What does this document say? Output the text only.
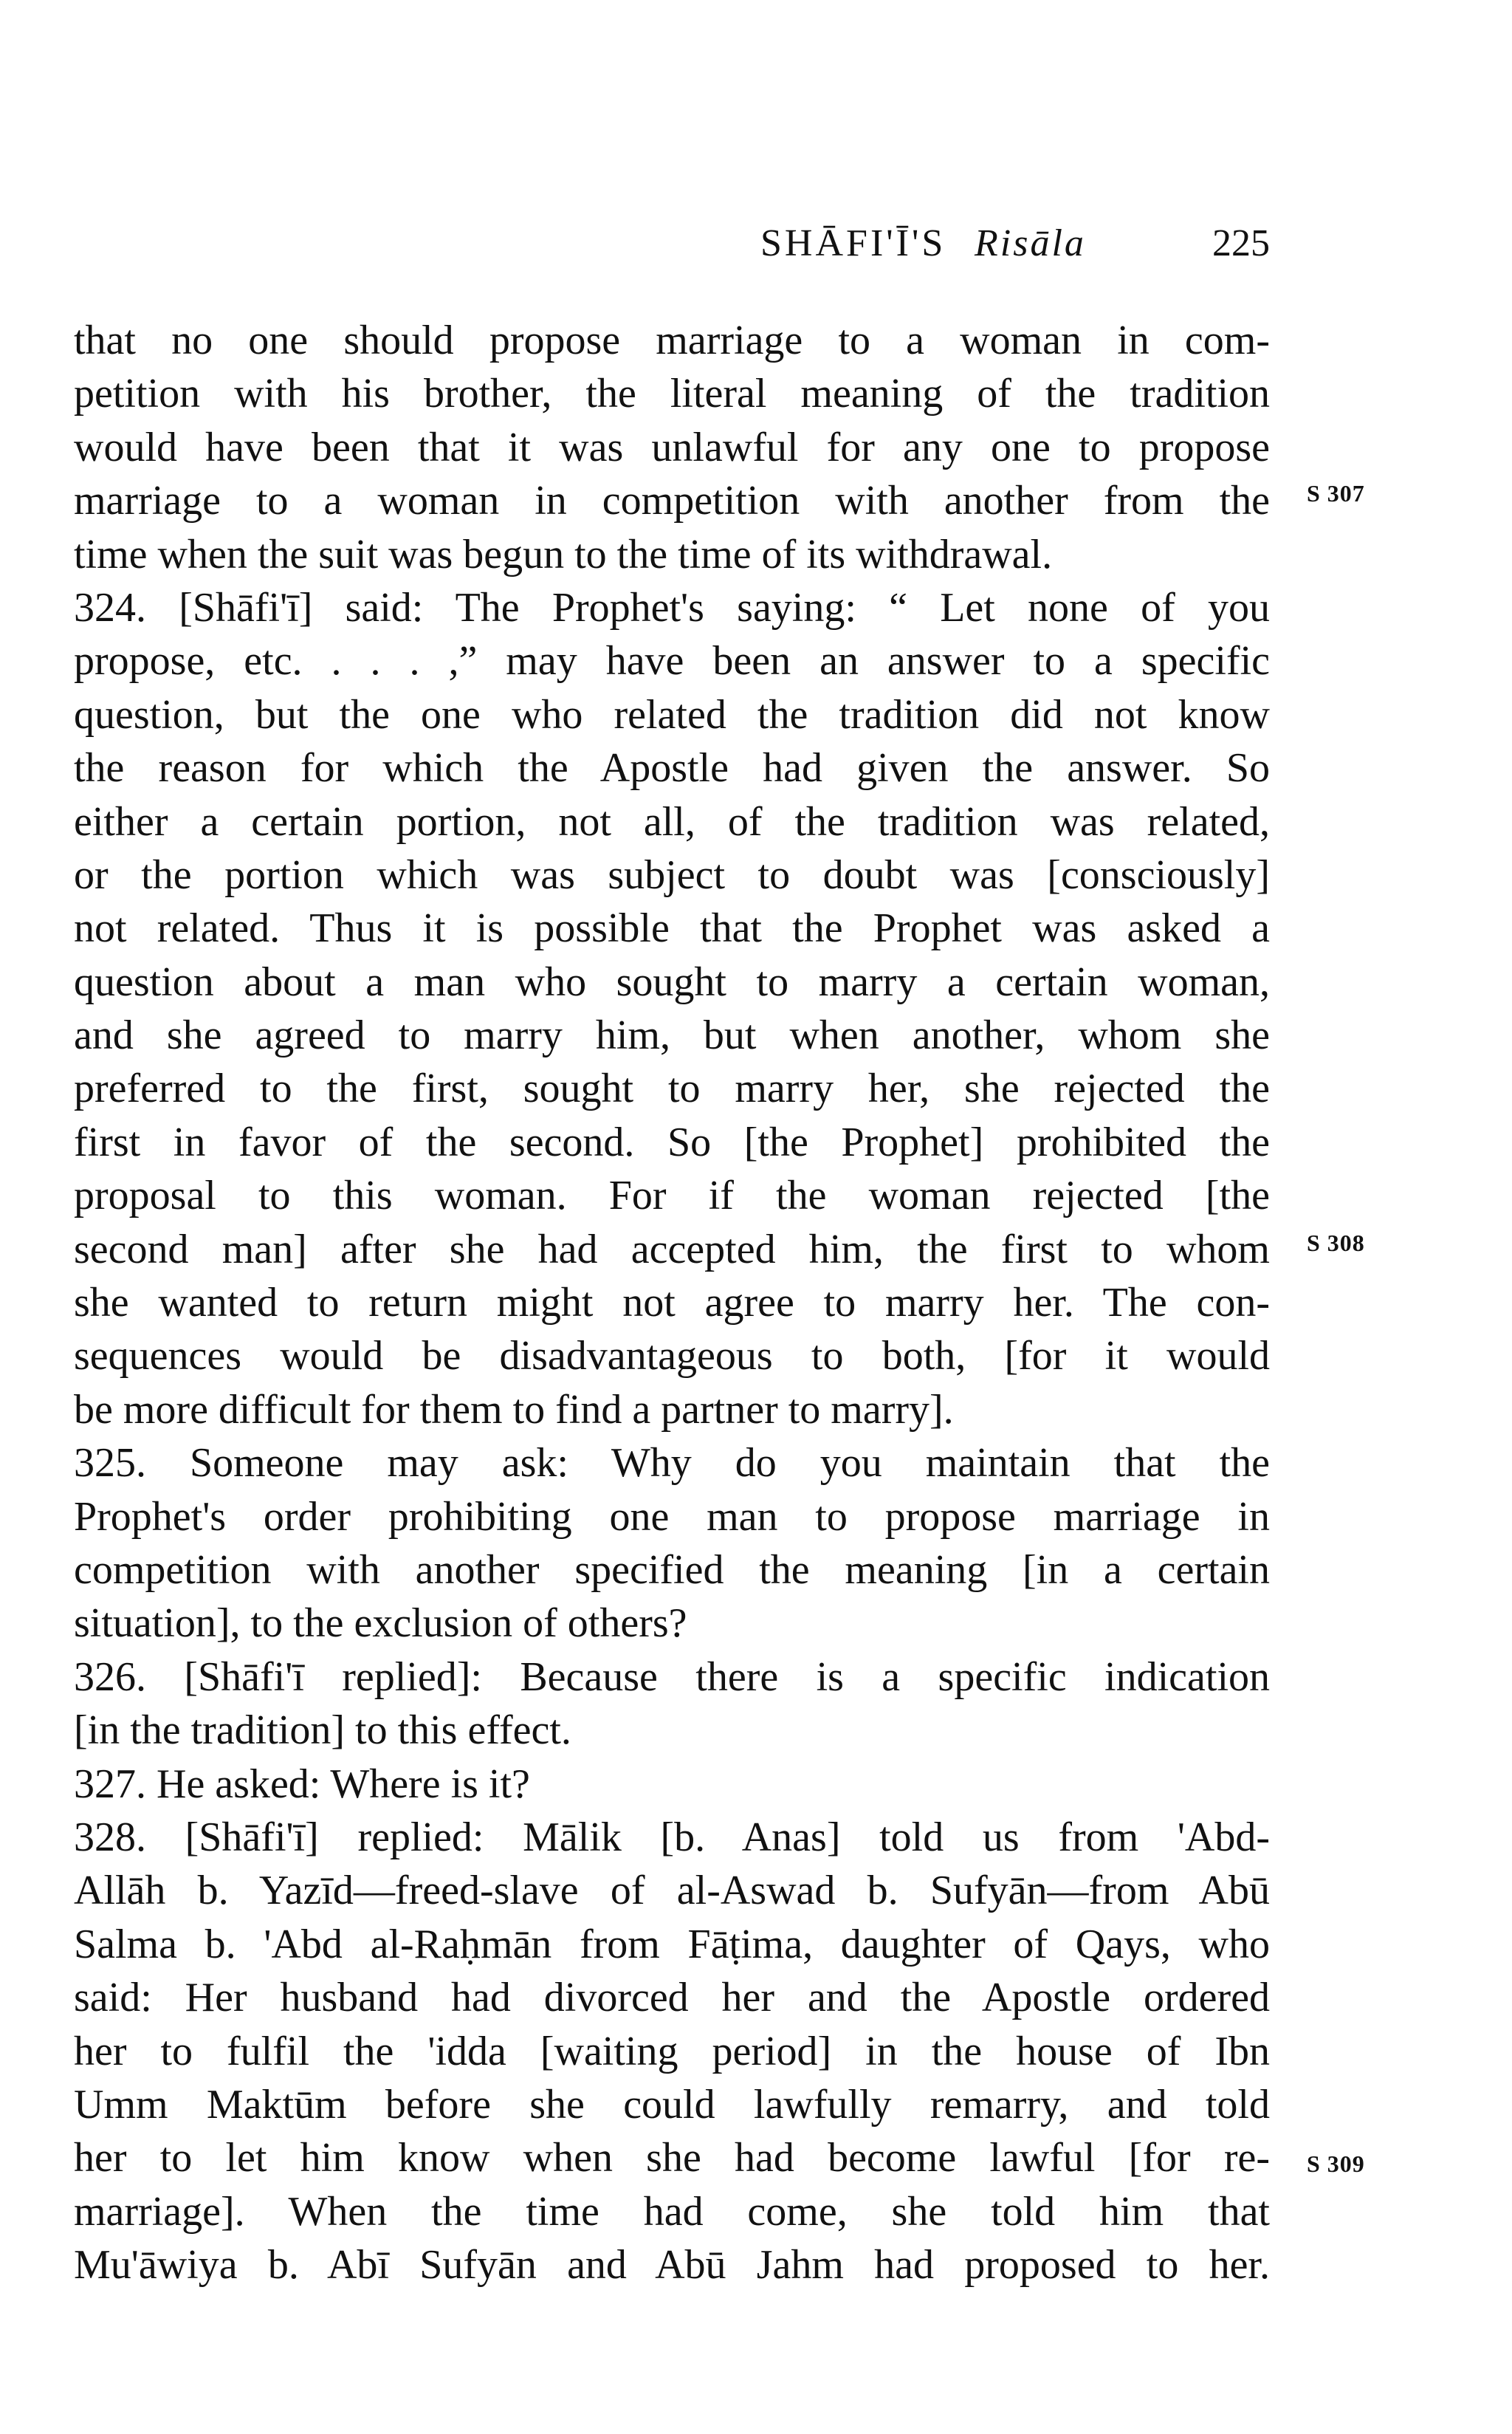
SHĀFI'Ī'S Risāla	225
that no one should propose marriage to a woman in com-
petition with his brother, the literal meaning of the tradition
would have been that it was unlawful for any one to propose
marriage to a woman in competition with another from the
time when the suit was begun to the time of its withdrawal.
324. [Shāfi'ī] said: The Prophet's saying: “ Let none of you
propose, etc. . . . ,” may have been an answer to a specific
question, but the one who related the tradition did not know
the reason for which the Apostle had given the answer. So
either a certain portion, not all, of the tradition was related,
or the portion which was subject to doubt was [consciously]
not related. Thus it is possible that the Prophet was asked a
question about a man who sought to marry a certain woman,
and she agreed to marry him, but when another, whom she
preferred to the first, sought to marry her, she rejected the
first in favor of the second. So [the Prophet] prohibited the
proposal to this woman. For if the woman rejected [the
second man] after she had accepted him, the first to whom
she wanted to return might not agree to marry her. The con-
sequences would be disadvantageous to both, [for it would
be more difficult for them to find a partner to marry].
325. Someone may ask: Why do you maintain that the
Prophet's order prohibiting one man to propose marriage in
competition with another specified the meaning [in a certain
situation], to the exclusion of others?
326. [Shāfi'ī replied]: Because there is a specific indication
[in the tradition] to this effect.
327. He asked: Where is it?
328. [Shāfi'ī] replied: Mālik [b. Anas] told us from 'Abd-
Allāh b. Yazīd—freed-slave of al-Aswad b. Sufyān—from Abū
Salma b. 'Abd al-Raḥmān from Fāṭima, daughter of Qays, who
said: Her husband had divorced her and the Apostle ordered
her to fulfil the 'idda [waiting period] in the house of Ibn
Umm Maktūm before she could lawfully remarry, and told
her to let him know when she had become lawful [for re-
marriage]. When the time had come, she told him that
Mu'āwiya b. Abī Sufyān and Abū Jahm had proposed to her.
S 307
S 308
S 309
